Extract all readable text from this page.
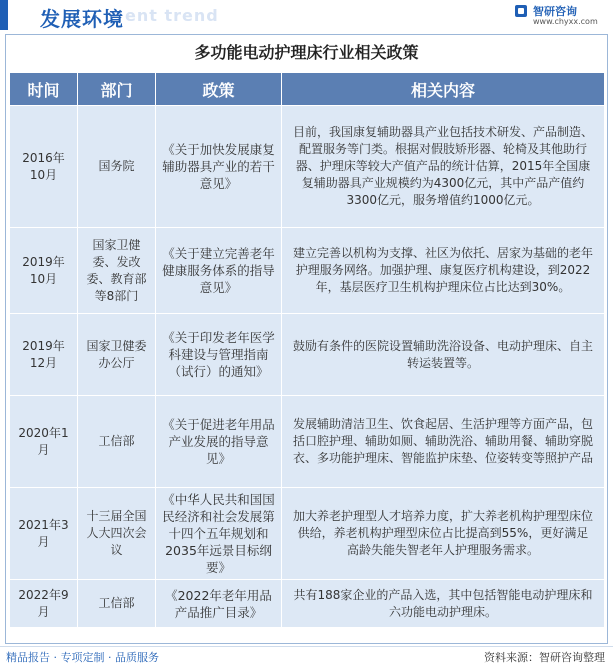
ent trend
发展环境	智研咨询
www.chyxx.com
多功能电动护理床行业相关政策
时间	部门	政策	相关内容
2016年10月	国务院	《关于加快发展康复辅助器具产业的若干意见》	目前，我国康复辅助器具产业包括技术研发、产品制造、配置服务等门类。根据对假肢矫形器、轮椅及其他助行器、护理床等较大产值产品的统计估算，2015年全国康复辅助器具产业规模约为4300亿元，其中产品产值约3300亿元，服务增值约1000亿元。
2019年10月	国家卫健委、发改委、教育部等8部门	《关于建立完善老年健康服务体系的指导意见》	建立完善以机构为支撑、社区为依托、居家为基础的老年护理服务网络。加强护理、康复医疗机构建设，到2022年，基层医疗卫生机构护理床位占比达到30%。
2019年12月	国家卫健委办公厅	《关于印发老年医学科建设与管理指南（试行）的通知》	鼓励有条件的医院设置辅助洗浴设备、电动护理床、自主转运装置等。
2020年1月	工信部	《关于促进老年用品产业发展的指导意见》	发展辅助清洁卫生、饮食起居、生活护理等方面产品，包括口腔护理、辅助如厕、辅助洗浴、辅助用餐、辅助穿脱衣、多功能护理床、智能监护床垫、位姿转变等照护产品
2021年3月	十三届全国人大四次会议	《中华人民共和国国民经济和社会发展第十四个五年规划和2035年远景目标纲要》	加大养老护理型人才培养力度，扩大养老机构护理型床位供给，养老机构护理型床位占比提高到55%，更好满足高龄失能失智老年人护理服务需求。
2022年9月	工信部	《2022年老年用品产品推广目录》	共有188家企业的产品入选，其中包括智能电动护理床和六功能电动护理床。
精品报告 · 专项定制 · 品质服务	资料来源：智研咨询整理
